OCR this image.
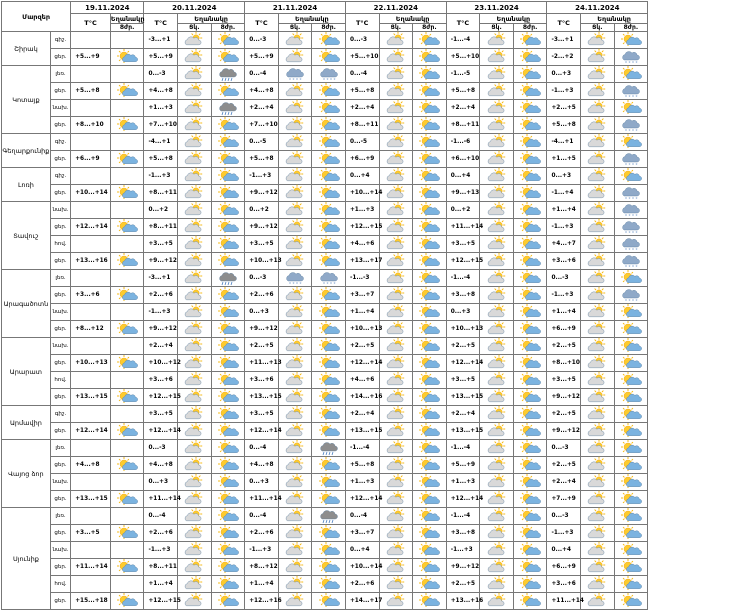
Մարզեր		19.11.2024		20.11.2024			21.11.2024			22.11.2024			23.11.2024			24.11.2024		
		T°C	Եղանակը	T°C	Եղանակը		T°C	Եղանակը		T°C	Եղանակը		T°C	Եղանակը		T°C	Եղանակը	
			8ժր.		Ցկ.	8ժր.		Ցկ.	8ժր.		Ցկ.	8ժր.		Ցկ.	8ժր.		Ցկ.	8ժր.
Շիրակ	գիշ.			-3...+1			0...-3			0...-3			-1...-4			-3...+1	

	ցեր.	+5...+9		+5...+9			+5...+9			+5...+10			+5...+10			-2...+2		* * * *

Կոտայք	լեռ.			0...-3			0...-4	* * * *	* * * *	0...-4			-1...-5			0...+3	

	ցեր.	+5...+8		+4...+8			+4...+8			+5...+8			+5...+8			-1...+3		* * * *

	նախ.			+1...+3			+2...+4			+2...+4			+2...+4			+2...+5	

	ցեր.	+8...+10		+7...+10			+7...+10			+8...+11			+8...+11			+5...+8		* * * *

Գեղարքունիք	գիշ.			-4...+1			0...-5			0...-5			-1...-6			-4...+1	

	ցեր.	+6...+9		+5...+8			+5...+8			+6...+9			+6...+10			+1...+5		* * * *

Լոռի	գիշ.			-1...+3			-1...+3			0...+4			0...+4			0...+3	

	ցեր.	+10...+14		+8...+11			+9...+12			+10...+14			+9...+13			-1...+4		* * * *

Տավուշ	նախ.			0...+2			0...+2			+1...+3			0...+2			+1...+4		* * * *

	ցեր.	+12...+14		+8...+11			+9...+12			+12...+15			+11...+14			-1...+3		* * * *

	հով.			+3...+5			+3...+5			+4...+6			+3...+5			+4...+7		* * * *

	ցեր.	+13...+16		+9...+12			+10...+13			+13...+17			+12...+15			+3...+6		* * * *

Արագածոտն	լեռ.			-3...+1			0...-3	* * * *	* * * *	-1...-3			-1...-4			0...-3	

	ցեր.	+3...+6		+2...+6			+2...+6			+3...+7			+3...+8			-1...+3		* * * *

	նախ.			-1...+3			0...+3			+1...+4			0...+3			+1...+4	

	ցեր.	+8...+12		+9...+12			+9...+12			+10...+13			+10...+13			+6...+9	

Արարատ	նախ.			+2...+4			+2...+5			+2...+5			+2...+5			+2...+5	

	ցեր.	+10...+13		+10...+12			+11...+13			+12...+14			+12...+14			+8...+10	

	հով.			+3...+6			+3...+6			+4...+6			+3...+5			+3...+5	

	ցեր.	+13...+15		+12...+15			+13...+15			+14...+16			+13...+15			+9...+12	

Արմավիր	գիշ.			+3...+5			+3...+5			+2...+4			+2...+4			+2...+5	

	ցեր.	+12...+14		+12...+14			+12...+14			+13...+15			+13...+15			+9...+12	

Վայոց ձոր	լեռ.			0...-3			0...-4			-1...-4			-1...-4			0...-3	

	ցեր.	+4...+8		+4...+8			+4...+8			+5...+8			+5...+9			+2...+5	

	նախ.			0...+3			0...+3			+1...+3			+1...+3			+2...+4	

	ցեր.	+13...+15		+11...+14			+11...+14			+12...+14			+12...+14			+7...+9	

Սյունիք	լեռ.			0...-4			0...-4			0...-4			-1...-4			0...-3	

	ցեր.	+3...+5		+2...+6			+2...+6			+3...+7			+3...+8			-1...+3	

	նախ.			-1...+3			-1...+3			0...+4			-1...+3			0...+4	

	ցեր.	+11...+14		+8...+11			+8...+12			+10...+14			+9...+12			+6...+9	

	հով.			+1...+4			+1...+4			+2...+6			+2...+5			+3...+6	

	ցեր.	+15...+18		+12...+15			+12...+16			+14...+17			+13...+16			+11...+14	
